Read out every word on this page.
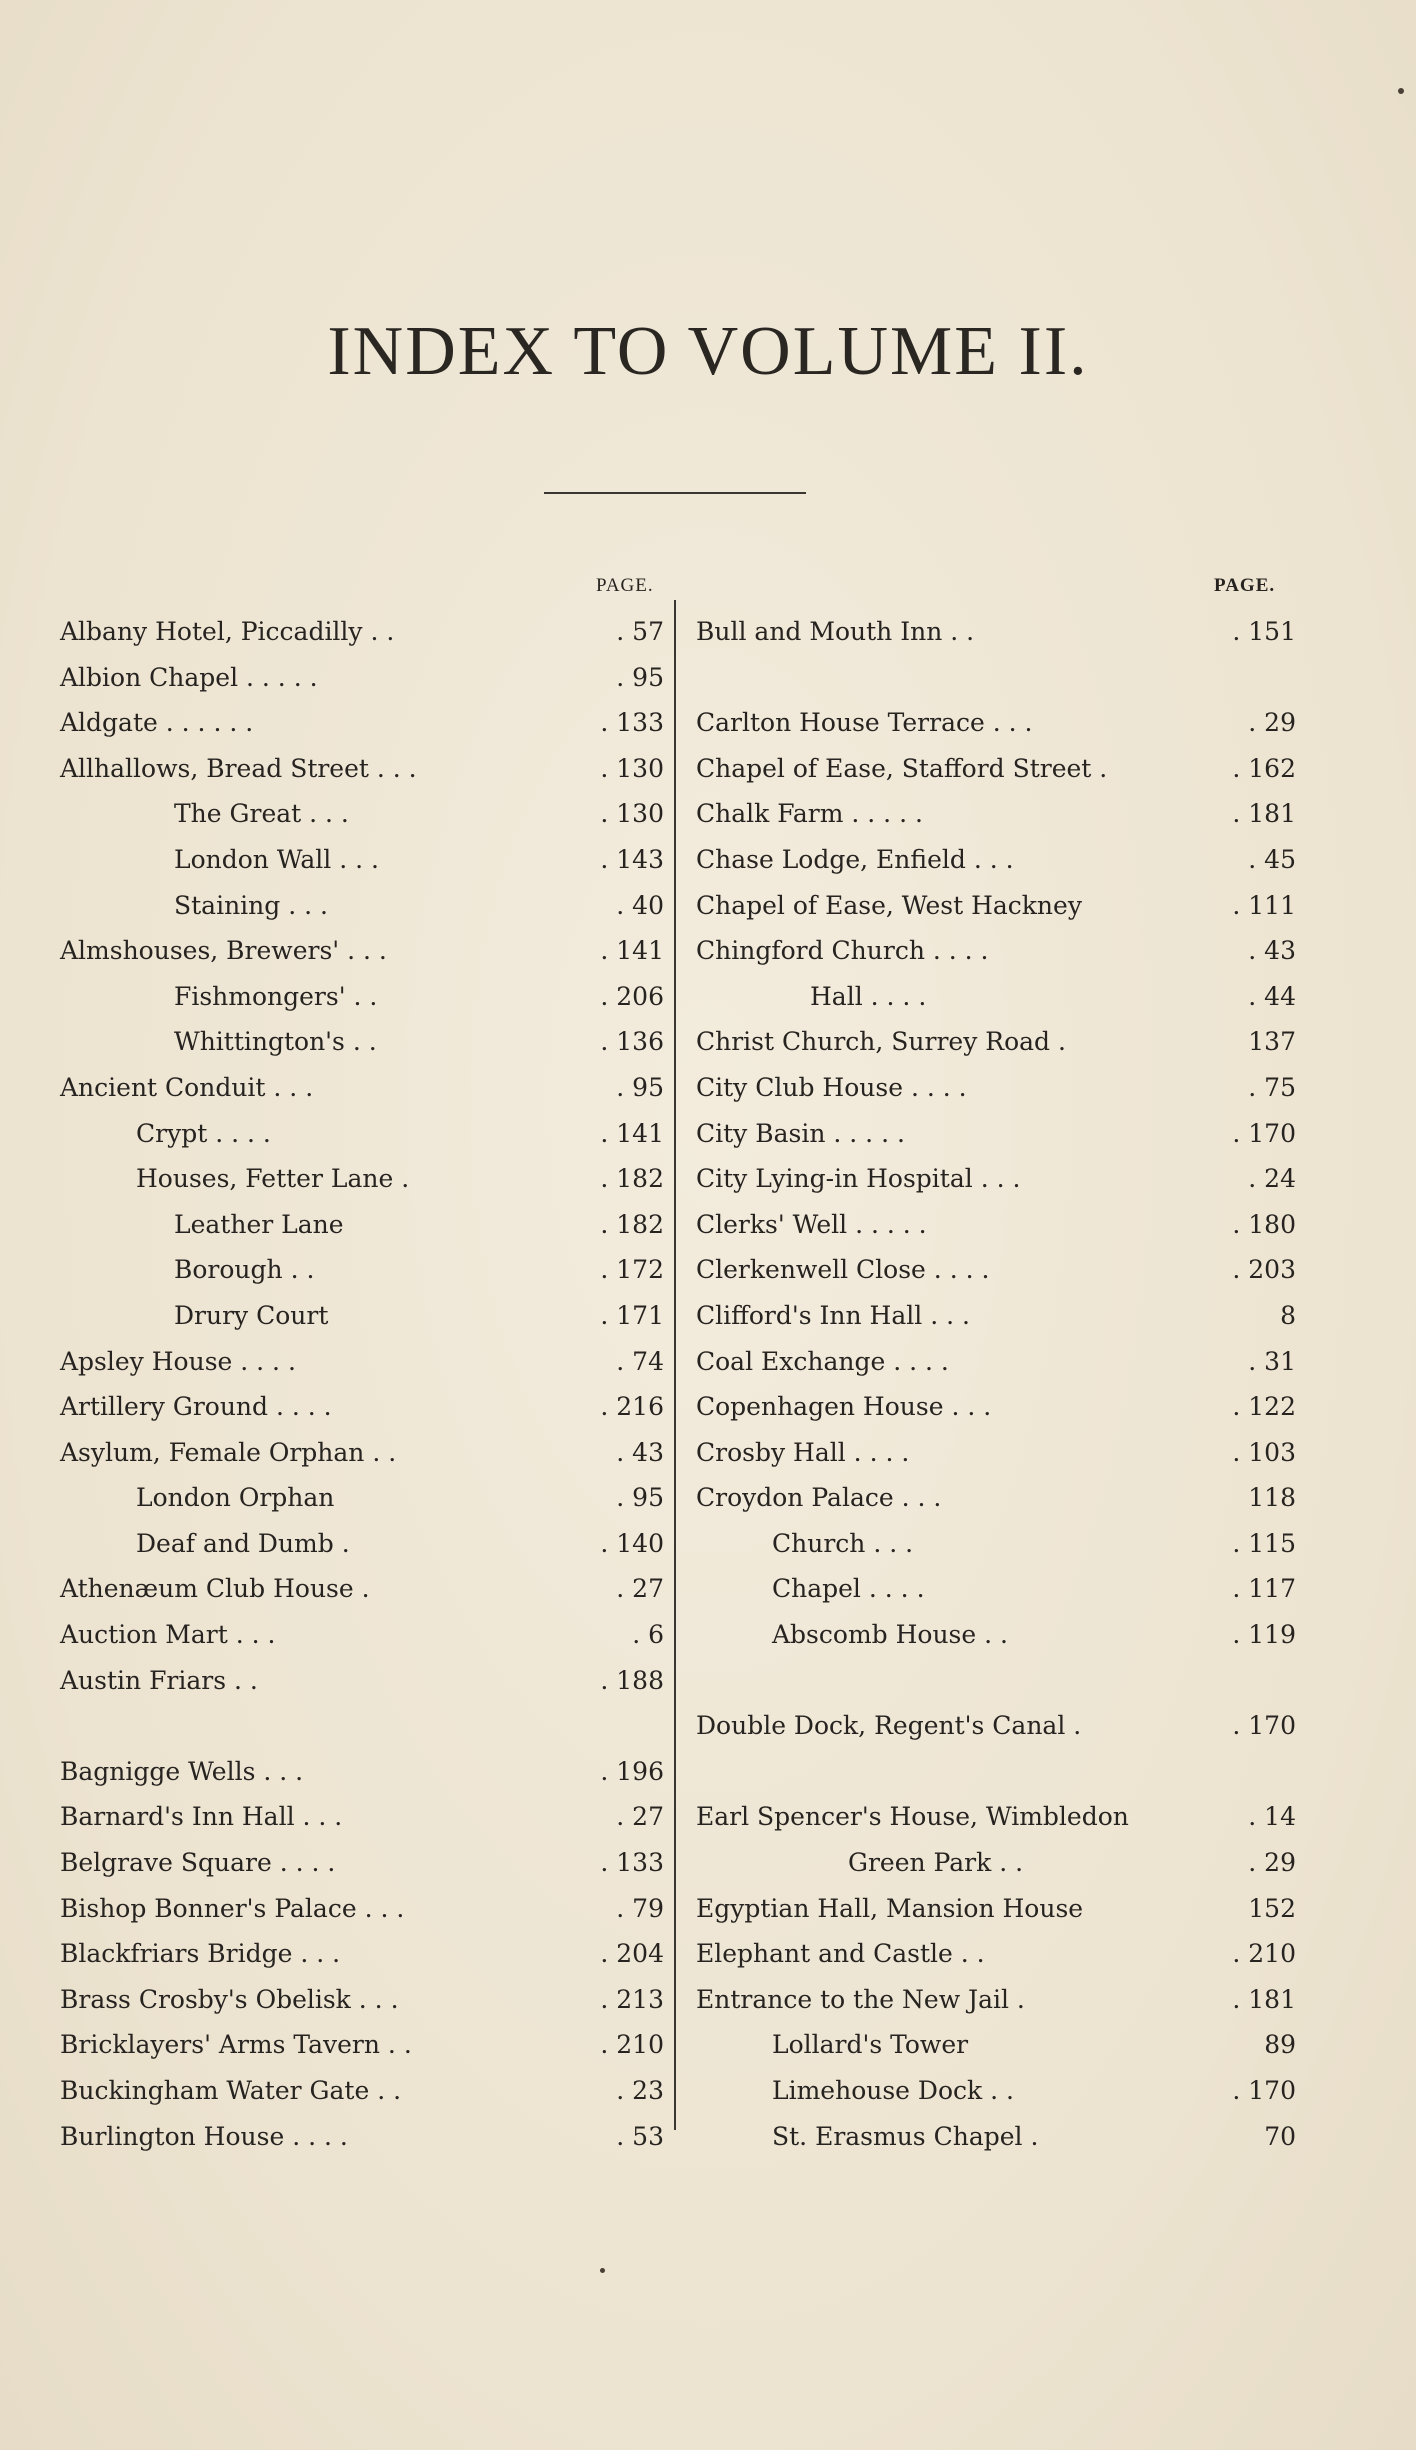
INDEX TO VOLUME II.
PAGE.
Albany Hotel, Piccadilly . .	. 57
Albion Chapel . . . . .	. 95
Aldgate . . . . . .	. 133
Allhallows, Bread Street . . .	. 130
The Great . . .	. 130
London Wall . . .	. 143
Staining . . .	. 40
Almshouses, Brewers' . . .	. 141
Fishmongers' . .	. 206
Whittington's . .	. 136
Ancient Conduit . . .	. 95
Crypt . . . .	. 141
Houses, Fetter Lane .	. 182
Leather Lane	. 182
Borough . .	. 172
Drury Court	. 171
Apsley House . . . .	. 74
Artillery Ground . . . .	. 216
Asylum, Female Orphan . .	. 43
London Orphan	. 95
Deaf and Dumb .	. 140
Athenæum Club House .	. 27
Auction Mart . . .	. 6
Austin Friars . .	. 188
Bagnigge Wells . . .	. 196
Barnard's Inn Hall . . .	. 27
Belgrave Square . . . .	. 133
Bishop Bonner's Palace . . .	. 79
Blackfriars Bridge . . .	. 204
Brass Crosby's Obelisk . . .	. 213
Bricklayers' Arms Tavern . .	. 210
Buckingham Water Gate . .	. 23
Burlington House . . . .	. 53
PAGE.
Bull and Mouth Inn . .	. 151
Carlton House Terrace . . .	. 29
Chapel of Ease, Stafford Street .	. 162
Chalk Farm . . . . .	. 181
Chase Lodge, Enfield . . .	. 45
Chapel of Ease, West Hackney	. 111
Chingford Church . . . .	. 43
Hall . . . .	. 44
Christ Church, Surrey Road .	137
City Club House . . . .	. 75
City Basin . . . . .	. 170
City Lying-in Hospital . . .	. 24
Clerks' Well . . . . .	. 180
Clerkenwell Close . . . .	. 203
Clifford's Inn Hall . . .	8
Coal Exchange . . . .	. 31
Copenhagen House . . .	. 122
Crosby Hall . . . .	. 103
Croydon Palace . . .	118
Church . . .	. 115
Chapel . . . .	. 117
Abscomb House . .	. 119
Double Dock, Regent's Canal .	. 170
Earl Spencer's House, Wimbledon	. 14
Green Park . .	. 29
Egyptian Hall, Mansion House	152
Elephant and Castle . .	. 210
Entrance to the New Jail .	. 181
Lollard's Tower	89
Limehouse Dock . .	. 170
St. Erasmus Chapel .	70
